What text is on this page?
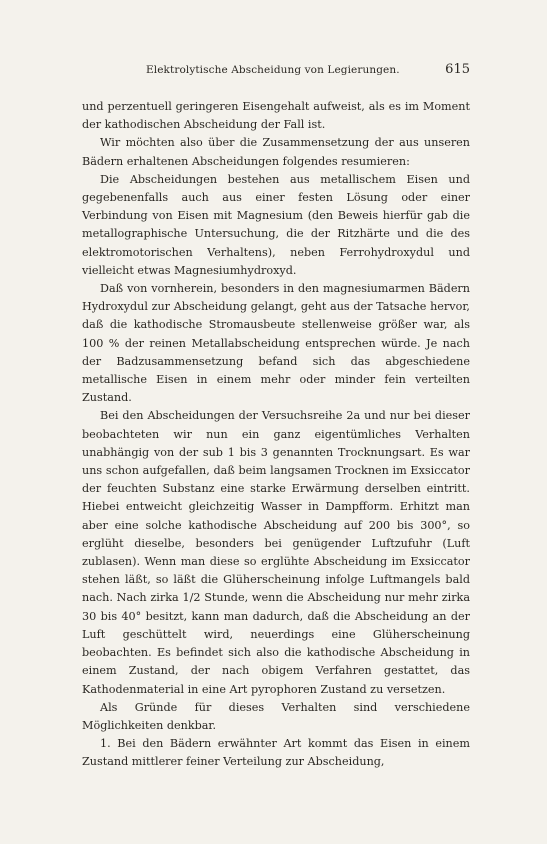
Elektrolytische Abscheidung von Legierungen.	615

und perzentuell geringeren Eisengehalt aufweist, als es im Moment der kathodischen Abscheidung der Fall ist.

Wir möchten also über die Zusammensetzung der aus unseren Bädern erhaltenen Abscheidungen folgendes resumieren:

Die Abscheidungen bestehen aus metallischem Eisen und gegebenenfalls auch aus einer festen Lösung oder einer Verbindung von Eisen mit Magnesium (den Beweis hierfür gab die metallographische Untersuchung, die der Ritzhärte und die des elektromotorischen Verhaltens), neben Ferrohydroxydul und vielleicht etwas Magnesiumhydroxyd.

Daß von vornherein, besonders in den magnesiumarmen Bädern Hydroxydul zur Abscheidung gelangt, geht aus der Tatsache hervor, daß die kathodische Stromausbeute stellenweise größer war, als 100 % der reinen Metallabscheidung entsprechen würde. Je nach der Badzusammensetzung befand sich das abgeschiedene metallische Eisen in einem mehr oder minder fein verteilten Zustand.

Bei den Abscheidungen der Versuchsreihe 2a und nur bei dieser beobachteten wir nun ein ganz eigentümliches Verhalten unabhängig von der sub 1 bis 3 genannten Trocknungsart. Es war uns schon aufgefallen, daß beim langsamen Trocknen im Exsiccator der feuchten Substanz eine starke Erwärmung derselben eintritt. Hiebei entweicht gleichzeitig Wasser in Dampfform. Erhitzt man aber eine solche kathodische Abscheidung auf 200 bis 300°, so erglüht dieselbe, besonders bei genügender Luftzufuhr (Luft zublasen). Wenn man diese so erglühte Abscheidung im Exsiccator stehen läßt, so läßt die Glüherscheinung infolge Luftmangels bald nach. Nach zirka 1/2 Stunde, wenn die Abscheidung nur mehr zirka 30 bis 40° besitzt, kann man dadurch, daß die Abscheidung an der Luft geschüttelt wird, neuerdings eine Glüherscheinung beobachten. Es befindet sich also die kathodische Abscheidung in einem Zustand, der nach obigem Verfahren gestattet, das Kathodenmaterial in eine Art pyrophoren Zustand zu versetzen.

Als Gründe für dieses Verhalten sind verschiedene Möglichkeiten denkbar.

1. Bei den Bädern erwähnter Art kommt das Eisen in einem Zustand mittlerer feiner Verteilung zur Abscheidung,
